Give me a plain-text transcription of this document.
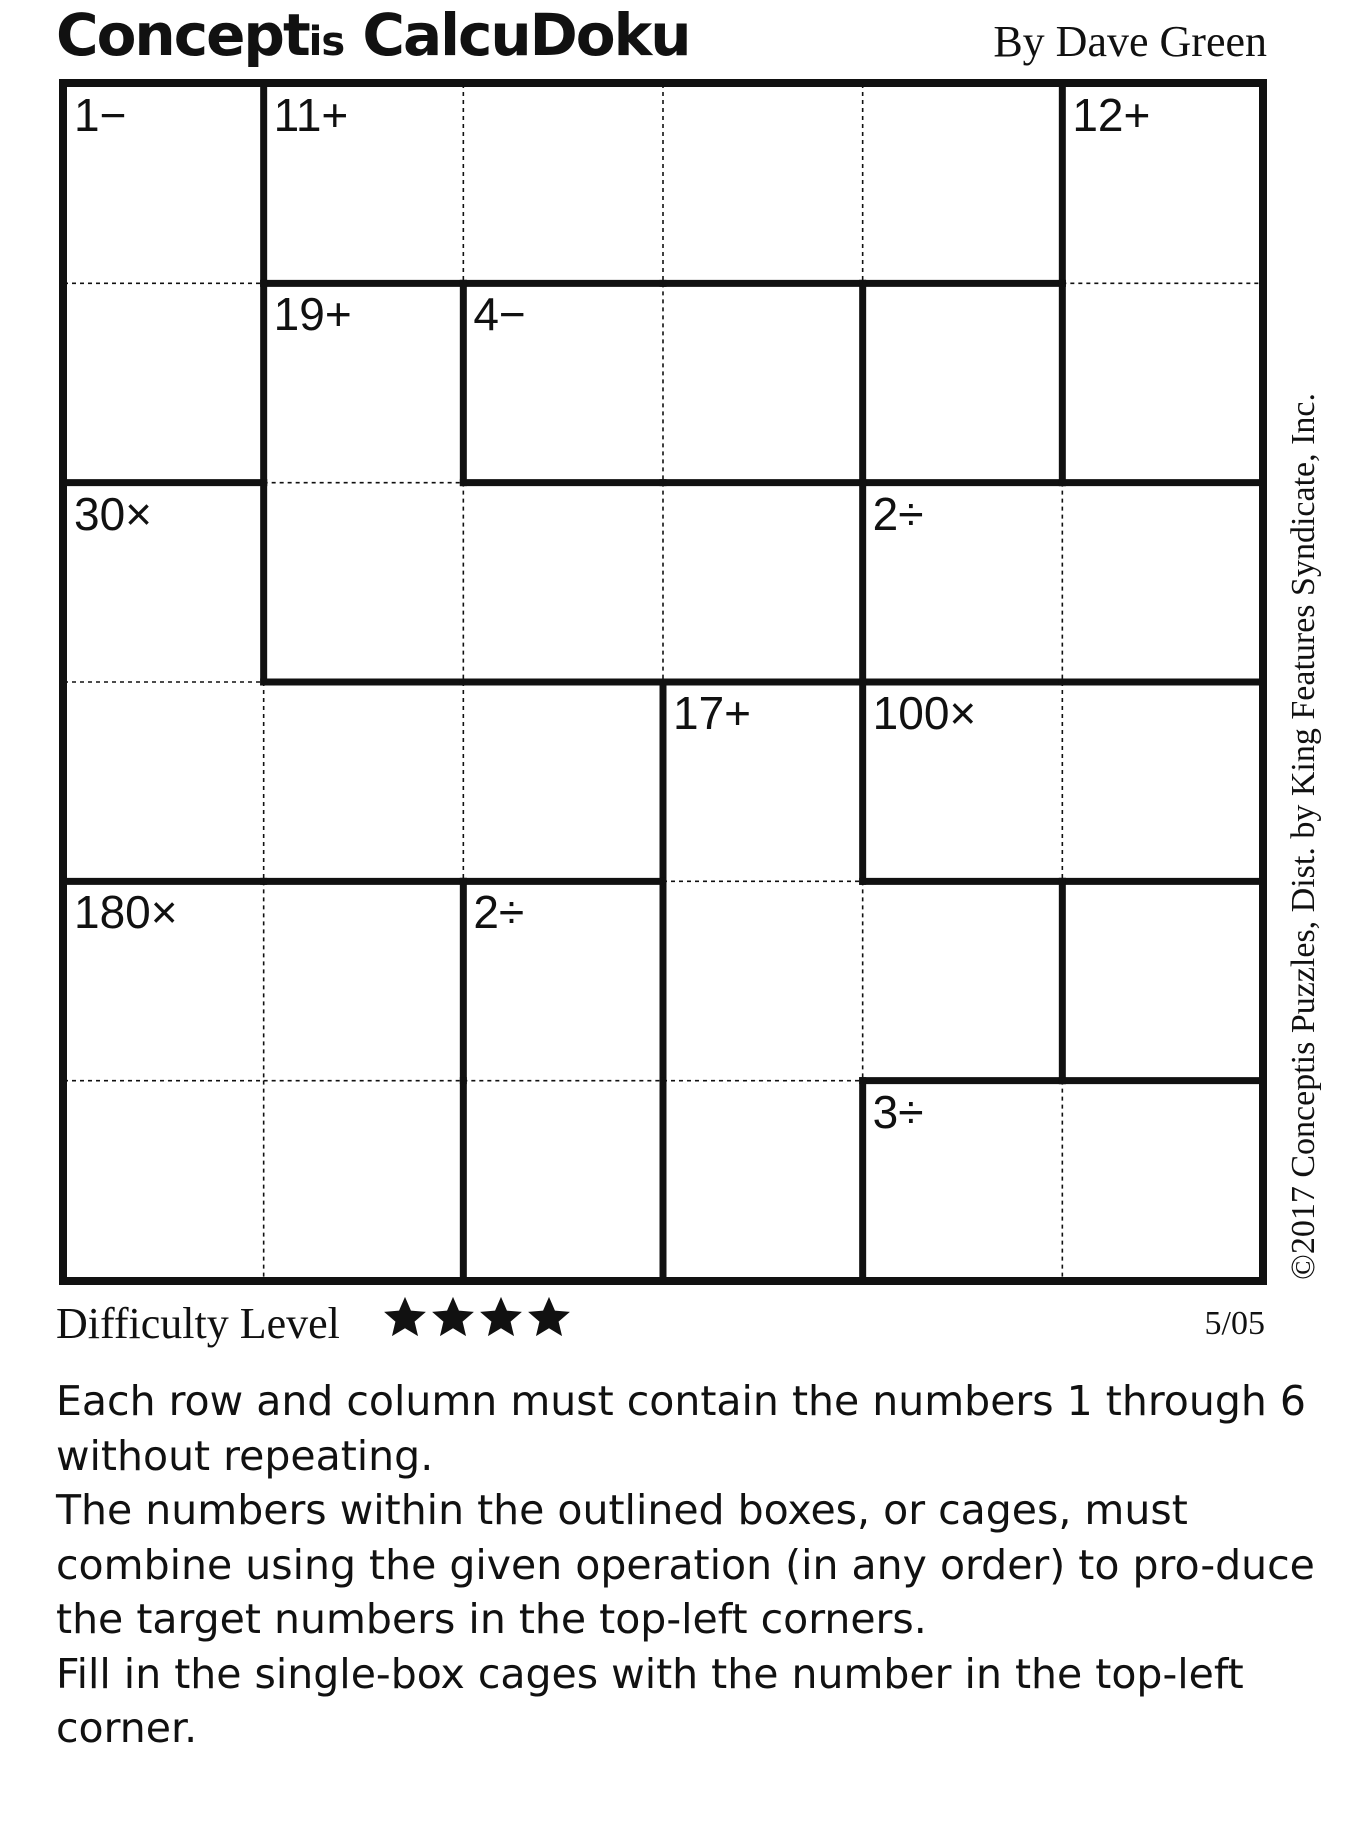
Conceptis CalcuDoku	By Dave Green
1−	11+	12+
19+	4−
30×	2÷
17+	100×
180×	2÷
3÷	©2017 Conceptis Puzzles, Dist. by King Features Syndicate, Inc.
Difficulty Level	5/05

Each row and column must contain the numbers 1 through 6 without repeating.

The numbers within the outlined boxes, or cages, must combine using the given operation (in any order) to pro-duce the target numbers in the top-left corners.

Fill in the single-box cages with the number in the top-left corner.
